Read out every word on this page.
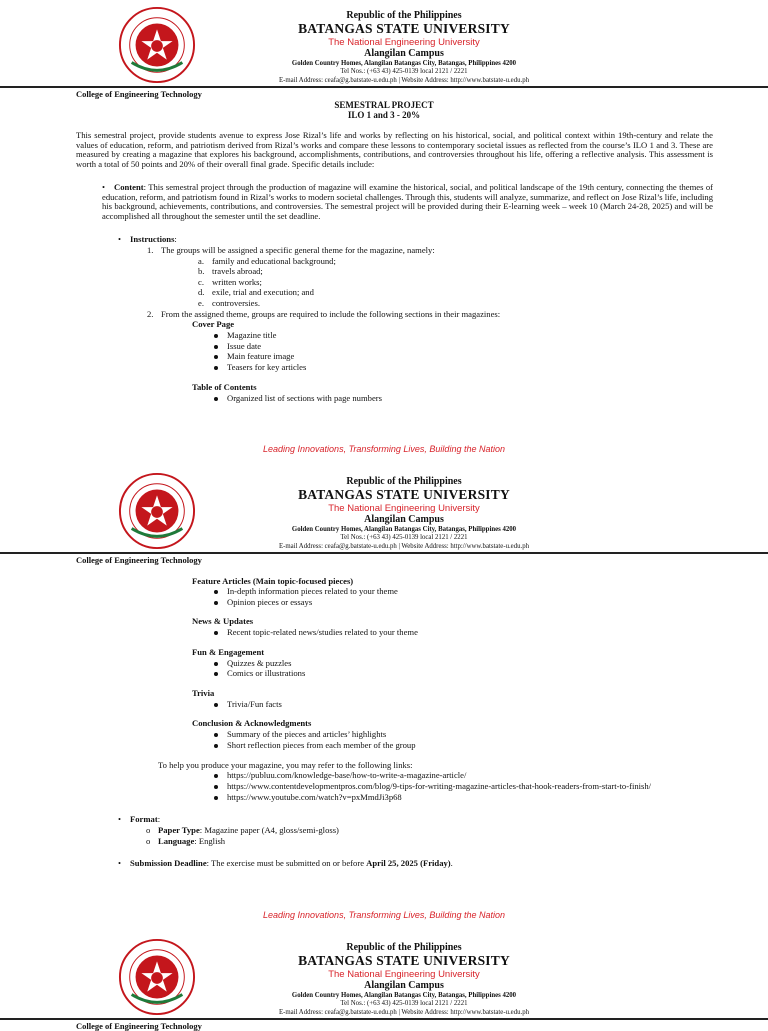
Republic of the Philippines
BATANGAS STATE UNIVERSITY
The National Engineering University
Alangilan Campus
Golden Country Homes, Alangilan Batangas City, Batangas, Philippines 4200
Tel Nos.: (+63 43) 425-0139 local 2121 / 2221
E-mail Address: ceafa@g.batstate-u.edu.ph | Website Address: http://www.batstate-u.edu.ph
College of Engineering Technology
SEMESTRAL PROJECT
ILO 1 and 3 - 20%
This semestral project, provide students avenue to express Jose Rizal’s life and works by reflecting on his historical, social, and political context within 19th-century and relate the values of education, reform, and patriotism derived from Rizal’s works and compare these lessons to contemporary societal issues as reflected from the course’s ILO 1 and 3. These are measured by creating a magazine that explores his background, accomplishments, contributions, and controversies throughout his life, offering a reflective analysis. This assessment is worth a total of 50 points and 20% of their overall final grade. Specific details include:
• Content: This semestral project through the production of magazine will examine the historical, social, and political landscape of the 19th century, connecting the themes of education, reform, and patriotism found in Rizal’s works to modern societal challenges. Through this, students will analyze, summarize, and reflect on Jose Rizal’s life, including his background, achievements, contributions, and controversies. The semestral project will be provided during their E-learning week – week 10 (March 24-28, 2025) and will be accomplished all throughout the semester until the set deadline.
• Instructions:
1. The groups will be assigned a specific general theme for the magazine, namely:
a. family and educational background;
b. travels abroad;
c. written works;
d. exile, trial and execution; and
e. controversies.
2. From the assigned theme, groups are required to include the following sections in their magazines:
Cover Page
Magazine title
Issue date
Main feature image
Teasers for key articles
Table of Contents
Organized list of sections with page numbers
Leading Innovations, Transforming Lives, Building the Nation
Republic of the Philippines
BATANGAS STATE UNIVERSITY
The National Engineering University
Alangilan Campus
Golden Country Homes, Alangilan Batangas City, Batangas, Philippines 4200
Tel Nos.: (+63 43) 425-0139 local 2121 / 2221
E-mail Address: ceafa@g.batstate-u.edu.ph | Website Address: http://www.batstate-u.edu.ph
College of Engineering Technology
Feature Articles (Main topic-focused pieces)
In-depth information pieces related to your theme
Opinion pieces or essays
News & Updates
Recent topic-related news/studies related to your theme
Fun & Engagement
Quizzes & puzzles
Comics or illustrations
Trivia
Trivia/Fun facts
Conclusion & Acknowledgments
Summary of the pieces and articles’ highlights
Short reflection pieces from each member of the group
To help you produce your magazine, you may refer to the following links:
https://publuu.com/knowledge-base/how-to-write-a-magazine-article/
https://www.contentdevelopmentpros.com/blog/9-tips-for-writing-magazine-articles-that-hook-readers-from-start-to-finish/
https://www.youtube.com/watch?v=pxMmdJi3p68
• Format:
o Paper Type: Magazine paper (A4, gloss/semi-gloss)
o Language: English
• Submission Deadline: The exercise must be submitted on or before April 25, 2025 (Friday).
Leading Innovations, Transforming Lives, Building the Nation
Republic of the Philippines
BATANGAS STATE UNIVERSITY
The National Engineering University
Alangilan Campus
Golden Country Homes, Alangilan Batangas City, Batangas, Philippines 4200
Tel Nos.: (+63 43) 425-0139 local 2121 / 2221
E-mail Address: ceafa@g.batstate-u.edu.ph | Website Address: http://www.batstate-u.edu.ph
College of Engineering Technology
